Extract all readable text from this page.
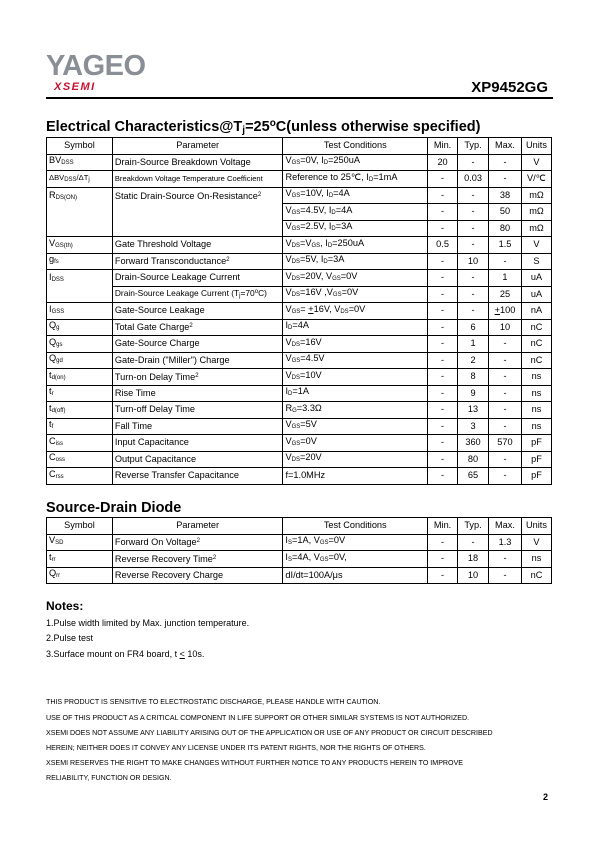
YAGEO
XSEMI	XP9452GG
Electrical $Characteristics@T_j=25^oC(unless$ otherwise specified)
Symbol	Parameter	Test Conditions	Min.	Typ.	Max.	Units
$BV_{DSS}$	Drain-Source Breakdown Voltage	$V_{GS}=0V$, $I_D=250uA$	20	-	-	V
$\Delta BV_{DSS}/\Delta T_j$	Breakdown Voltage Temperature Coefficient	Reference to 25℃, $I_D=1mA$	-	0.03	-	V/℃
$R_{DS(ON)}$	Static Drain-Source On-Resistance$^2$	$V_{GS}=10V$, $I_D=4A$	-	-	38	mΩ
		$V_{GS}=4.5V$, $I_D=4A$	-	-	50	mΩ
		$V_{GS}=2.5V$, $I_D=3A$	-	-	80	mΩ
$V_{GS(th)}$	Gate Threshold Voltage	$V_{DS}=V_{GS}$, $I_D=250uA$	0.5	-	1.5	V
$g_{fs}$	Forward Transconductance$^2$	$V_{DS}=5V$, $I_D=3A$	-	10	-	S
$I_{DSS}$	Drain-Source Leakage Current	$V_{DS}=20V$, $V_{GS}=0V$	-	-	1	uA
	Drain-Source Leakage Current $(T_j=70^oC)$	$V_{DS}=16V$ $,V_{GS}=0V$	-	-	25	uA
$I_{GSS}$	Gate-Source Leakage	$V_{GS}= +16V$, $V_{DS}=0V$	-	-	+100	nA
$Q_g$	Total Gate Charge$^2$	$I_D=4A$	-	6	10	nC
$Q_{gs}$	Gate-Source Charge	$V_{DS}=16V$	-	1	-	nC
$Q_{gd}$	Gate-Drain ("Miller") Charge	$V_{GS}=4.5V$	-	2	-	nC
$t_{d(on)}$	Turn-on Delay Time$^2$	$V_{DS}=10V$	-	8	-	ns
$t_r$	Rise Time	$I_D=1A$	-	9	-	ns
$t_{d(off)}$	Turn-off Delay Time	$R_G=3.3\Omega$	-	13	-	ns
$t_f$	Fall Time	$V_{GS}=5V$	-	3	-	ns
$C_{iss}$	Input Capacitance	$V_{GS}=0V$	-	360	570	pF
$C_{oss}$	Output Capacitance	$V_{DS}=20V$	-	80	-	pF
$C_{rss}$	Reverse Transfer Capacitance	f=1.0MHz	-	65	-	pF
Source-Drain Diode
Symbol	Parameter	Test Conditions	Min.	Typ.	Max.	Units
$V_{SD}$	Forward On Voltage$^2$	$I_S=1A$, $V_{GS}=0V$	-	-	1.3	V
$t_{rr}$	Reverse Recovery Time$^2$	$I_S=4A$, $V_{GS}=0V$,	-	18	-	ns
$Q_{rr}$	Reverse Recovery Charge	dI/dt=100A/μs	-	10	-	nC
Notes:
1.Pulse width limited by Max. junction temperature.
2.Pulse test
3.Surface mount on FR4 board, t ≤ 10s.
THIS PRODUCT IS SENSITIVE TO ELECTROSTATIC DISCHARGE, PLEASE HANDLE WITH CAUTION.
USE OF THIS PRODUCT AS A CRITICAL COMPONENT IN LIFE SUPPORT OR OTHER SIMILAR SYSTEMS IS NOT AUTHORIZED.
XSEMI DOES NOT ASSUME ANY LIABILITY ARISING OUT OF THE APPLICATION OR USE OF ANY PRODUCT OR CIRCUIT DESCRIBED
HEREIN; NEITHER DOES IT CONVEY ANY LICENSE UNDER ITS PATENT RIGHTS, NOR THE RIGHTS OF OTHERS.
XSEMI RESERVES THE RIGHT TO MAKE CHANGES WITHOUT FURTHER NOTICE TO ANY PRODUCTS HEREIN TO IMPROVE
RELIABILITY, FUNCTION OR DESIGN.
2
